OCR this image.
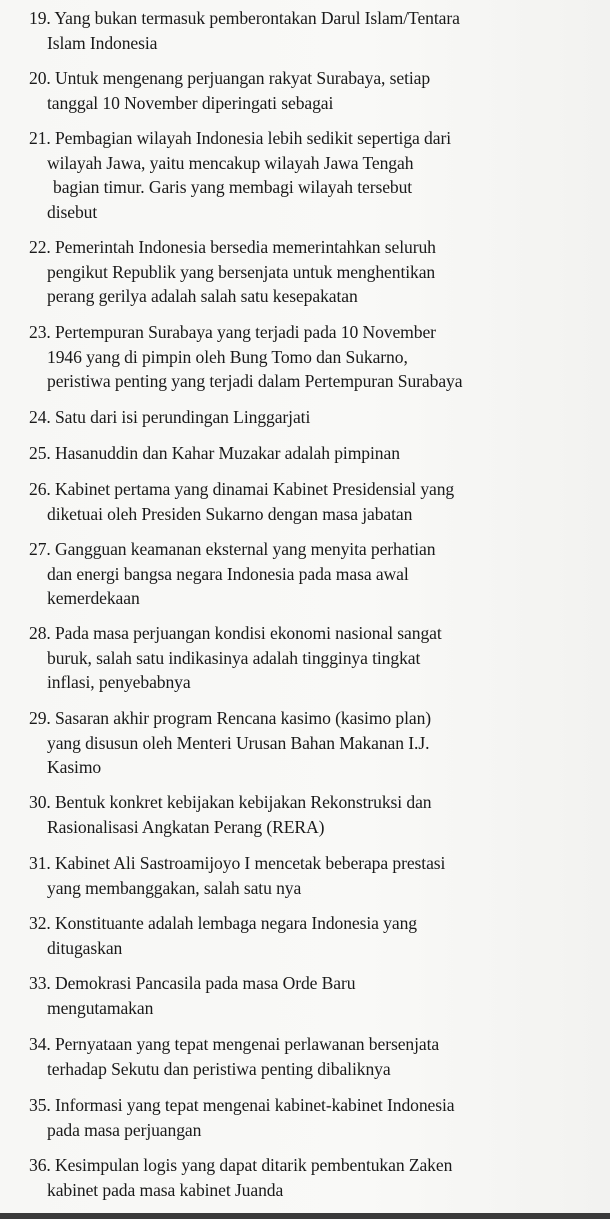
19. Yang bukan termasuk pemberontakan Darul Islam/Tentara
Islam Indonesia
20. Untuk mengenang perjuangan rakyat Surabaya, setiap
tanggal 10 November diperingati sebagai
21. Pembagian wilayah Indonesia lebih sedikit sepertiga dari
wilayah Jawa, yaitu mencakup wilayah Jawa Tengah
bagian timur. Garis yang membagi wilayah tersebut
disebut
22. Pemerintah Indonesia bersedia memerintahkan seluruh
pengikut Republik yang bersenjata untuk menghentikan
perang gerilya adalah salah satu kesepakatan
23. Pertempuran Surabaya yang terjadi pada 10 November
1946 yang di pimpin oleh Bung Tomo dan Sukarno,
peristiwa penting yang terjadi dalam Pertempuran Surabaya
24. Satu dari isi perundingan Linggarjati
25. Hasanuddin dan Kahar Muzakar adalah pimpinan
26. Kabinet pertama yang dinamai Kabinet Presidensial yang
diketuai oleh Presiden Sukarno dengan masa jabatan
27. Gangguan keamanan eksternal yang menyita perhatian
dan energi bangsa negara Indonesia pada masa awal
kemerdekaan
28. Pada masa perjuangan kondisi ekonomi nasional sangat
buruk, salah satu indikasinya adalah tingginya tingkat
inflasi, penyebabnya
29. Sasaran akhir program Rencana kasimo (kasimo plan)
yang disusun oleh Menteri Urusan Bahan Makanan I.J.
Kasimo
30. Bentuk konkret kebijakan kebijakan Rekonstruksi dan
Rasionalisasi Angkatan Perang (RERA)
31. Kabinet Ali Sastroamijoyo I mencetak beberapa prestasi
yang membanggakan, salah satu nya
32. Konstituante adalah lembaga negara Indonesia yang
ditugaskan
33. Demokrasi Pancasila pada masa Orde Baru
mengutamakan
34. Pernyataan yang tepat mengenai perlawanan bersenjata
terhadap Sekutu dan peristiwa penting dibaliknya
35. Informasi yang tepat mengenai kabinet-kabinet Indonesia
pada masa perjuangan
36. Kesimpulan logis yang dapat ditarik pembentukan Zaken
kabinet pada masa kabinet Juanda
